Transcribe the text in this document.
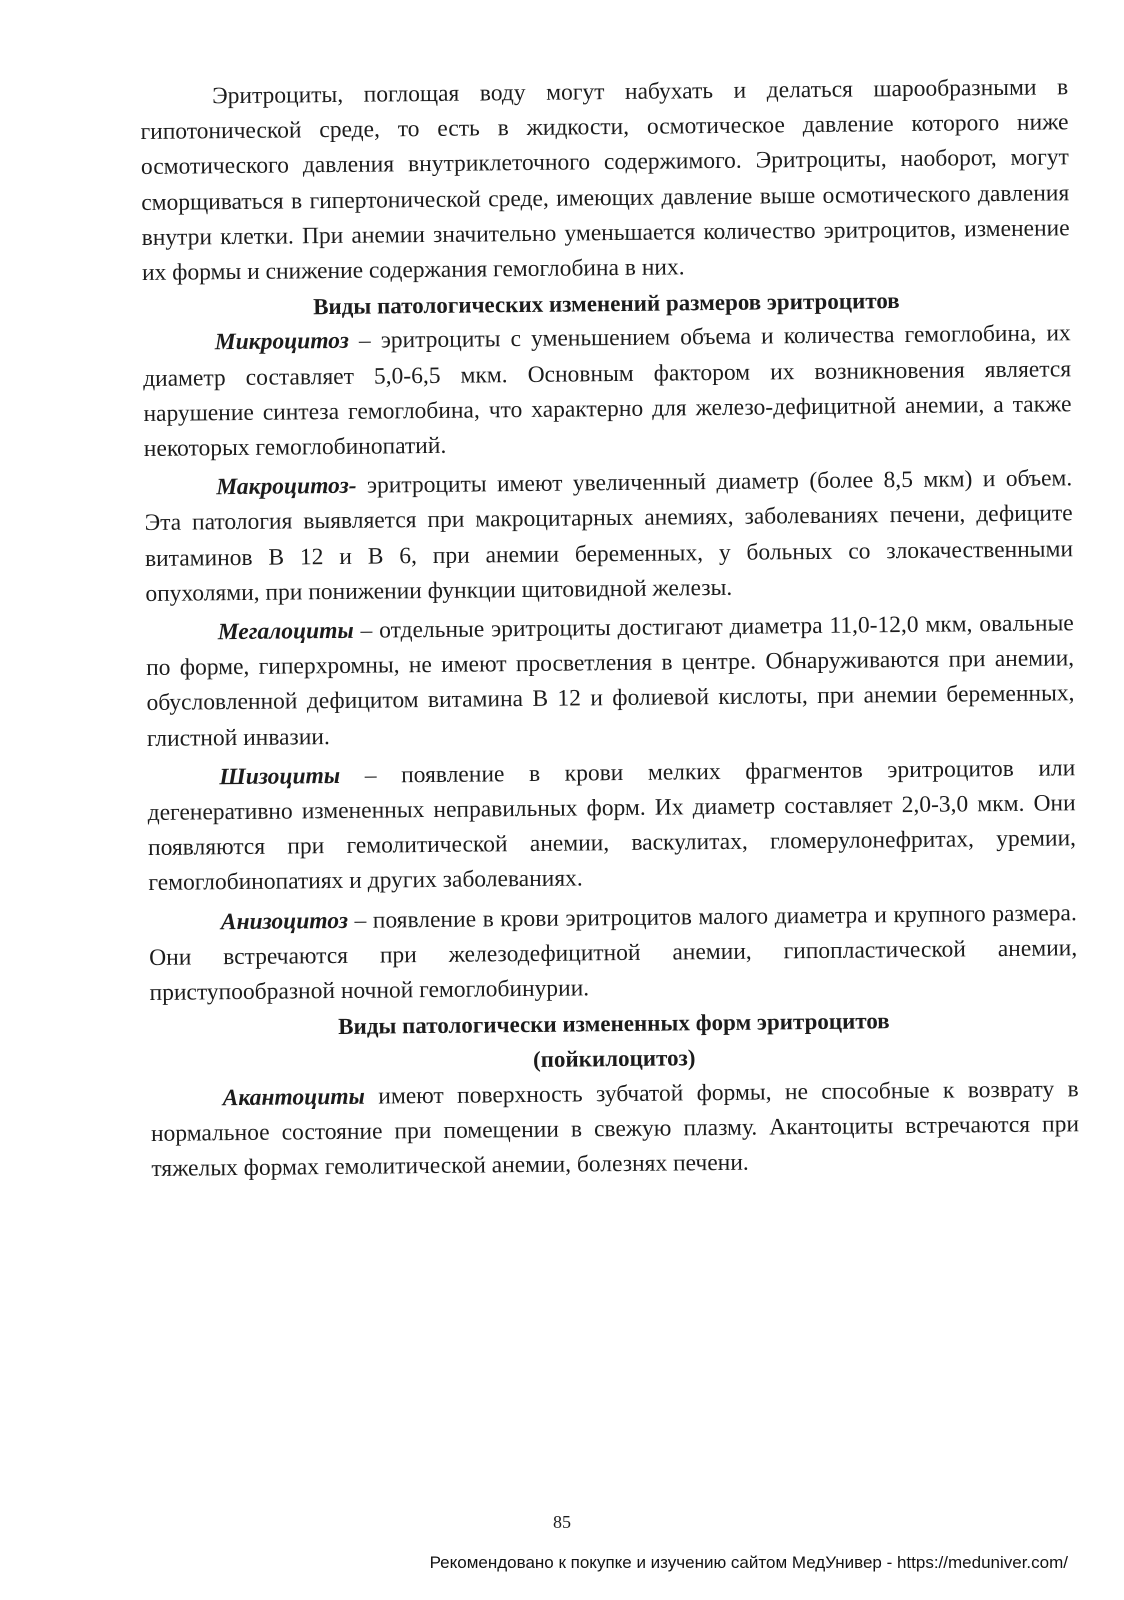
Эритроциты, поглощая воду могут набухать и делаться шарообразными в гипотонической среде, то есть в жидкости, осмотическое давление которого ниже осмотического давления внутриклеточного содержимого. Эритроциты, наоборот, могут сморщиваться в гипертонической среде, имеющих давление выше осмотического давления внутри клетки. При анемии значительно уменьшается количество эритроцитов, изменение их формы и снижение содержания гемоглобина в них.

Виды патологических изменений размеров эритроцитов

Микроцитоз – эритроциты с уменьшением объема и количества гемоглобина, их диаметр составляет 5,0-6,5 мкм. Основным фактором их возникновения является нарушение синтеза гемоглобина, что характерно для железо-дефицитной анемии, а также некоторых гемоглобинопатий.

Макроцитоз- эритроциты имеют увеличенный диаметр (более 8,5 мкм) и объем. Эта патология выявляется при макроцитарных анемиях, заболеваниях печени, дефиците витаминов В 12 и В 6, при анемии беременных, у больных со злокачественными опухолями, при понижении функции щитовидной железы.

Мегалоциты – отдельные эритроциты достигают диаметра 11,0-12,0 мкм, овальные по форме, гиперхромны, не имеют просветления в центре. Обнаруживаются при анемии, обусловленной дефицитом витамина В 12 и фолиевой кислоты, при анемии беременных, глистной инвазии.

Шизоциты – появление в крови мелких фрагментов эритроцитов или дегенеративно измененных неправильных форм. Их диаметр составляет 2,0-3,0 мкм. Они появляются при гемолитической анемии, васкулитах, гломерулонефритах, уремии, гемоглобинопатиях и других заболеваниях.

Анизоцитоз – появление в крови эритроцитов малого диаметра и крупного размера. Они встречаются при железодефицитной анемии, гипопластической анемии, приступообразной ночной гемоглобинурии.

Виды патологически измененных форм эритроцитов

(пойкилоцитоз)

Акантоциты имеют поверхность зубчатой формы, не способные к возврату в нормальное состояние при помещении в свежую плазму. Акантоциты встречаются при тяжелых формах гемолитической анемии, болезнях печени.

85
Рекомендовано к покупке и изучению сайтом МедУнивер - https://meduniver.com/
